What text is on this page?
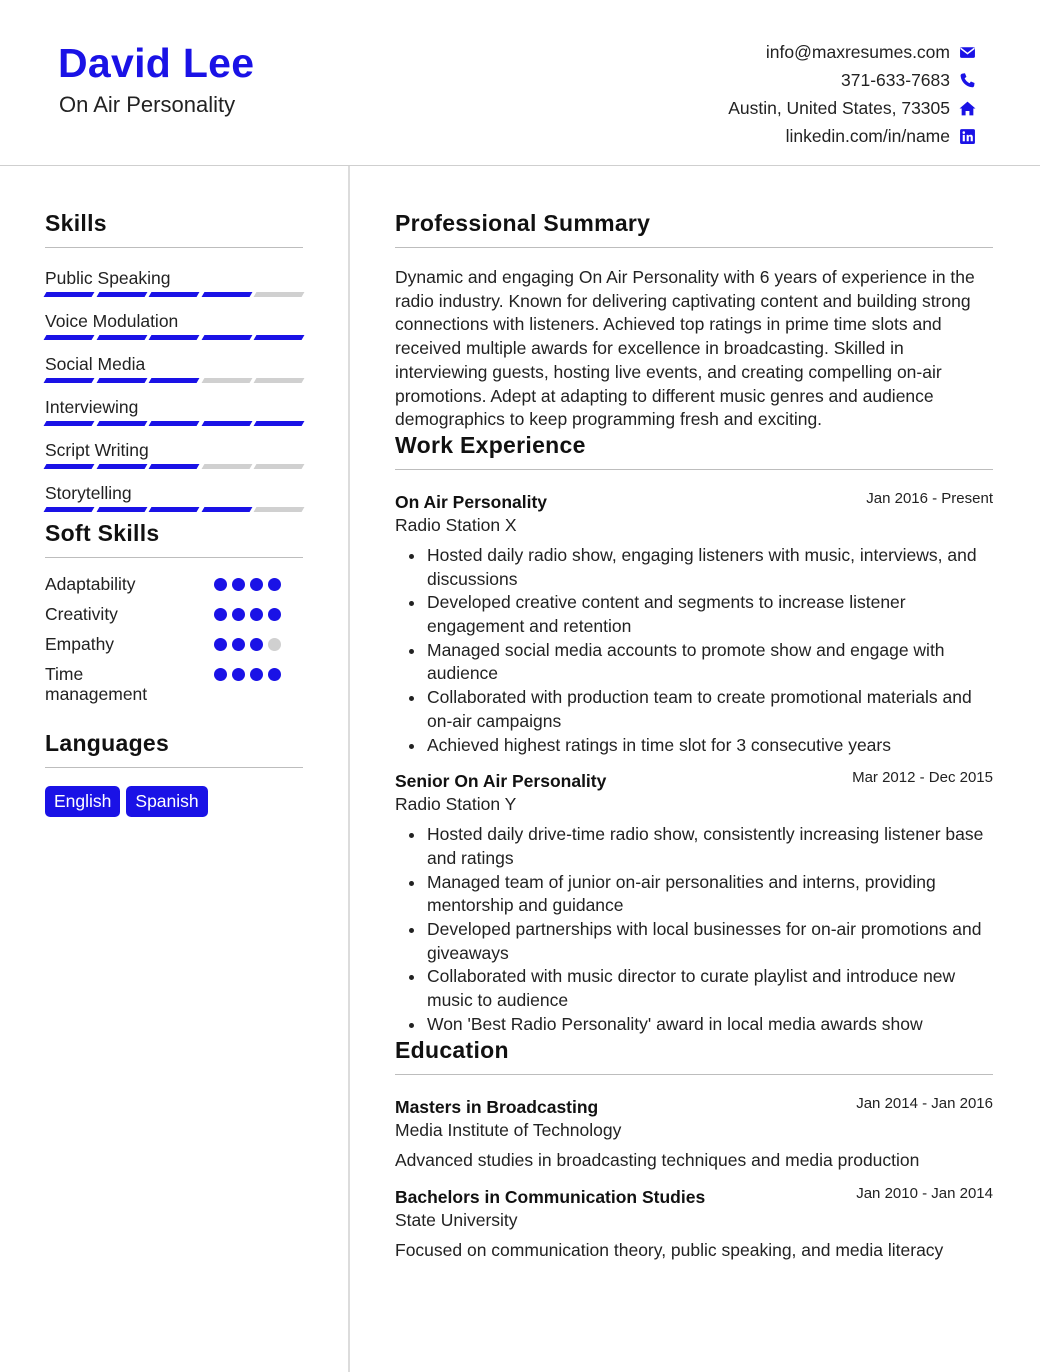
David Lee
On Air Personality
info@maxresumes.com
371-633-7683
Austin, United States, 73305
linkedin.com/in/name
Skills
Public Speaking
Voice Modulation
Social Media
Interviewing
Script Writing
Storytelling
Soft Skills
Adaptability
Creativity
Empathy
Time management
Languages
English	Spanish
Professional Summary
Dynamic and engaging On Air Personality with 6 years of experience in the radio industry. Known for delivering captivating content and building strong connections with listeners. Achieved top ratings in prime time slots and received multiple awards for excellence in broadcasting. Skilled in interviewing guests, hosting live events, and creating compelling on-air promotions. Adept at adapting to different music genres and audience demographics to keep programming fresh and exciting.
Work Experience
On Air Personality	Jan 2016 - Present
Radio Station X
Hosted daily radio show, engaging listeners with music, interviews, and discussions
Developed creative content and segments to increase listener engagement and retention
Managed social media accounts to promote show and engage with audience
Collaborated with production team to create promotional materials and on-air campaigns
Achieved highest ratings in time slot for 3 consecutive years
Senior On Air Personality	Mar 2012 - Dec 2015
Radio Station Y
Hosted daily drive-time radio show, consistently increasing listener base and ratings
Managed team of junior on-air personalities and interns, providing mentorship and guidance
Developed partnerships with local businesses for on-air promotions and giveaways
Collaborated with music director to curate playlist and introduce new music to audience
Won 'Best Radio Personality' award in local media awards show
Education
Masters in Broadcasting	Jan 2014 - Jan 2016
Media Institute of Technology
Advanced studies in broadcasting techniques and media production
Bachelors in Communication Studies	Jan 2010 - Jan 2014
State University
Focused on communication theory, public speaking, and media literacy
